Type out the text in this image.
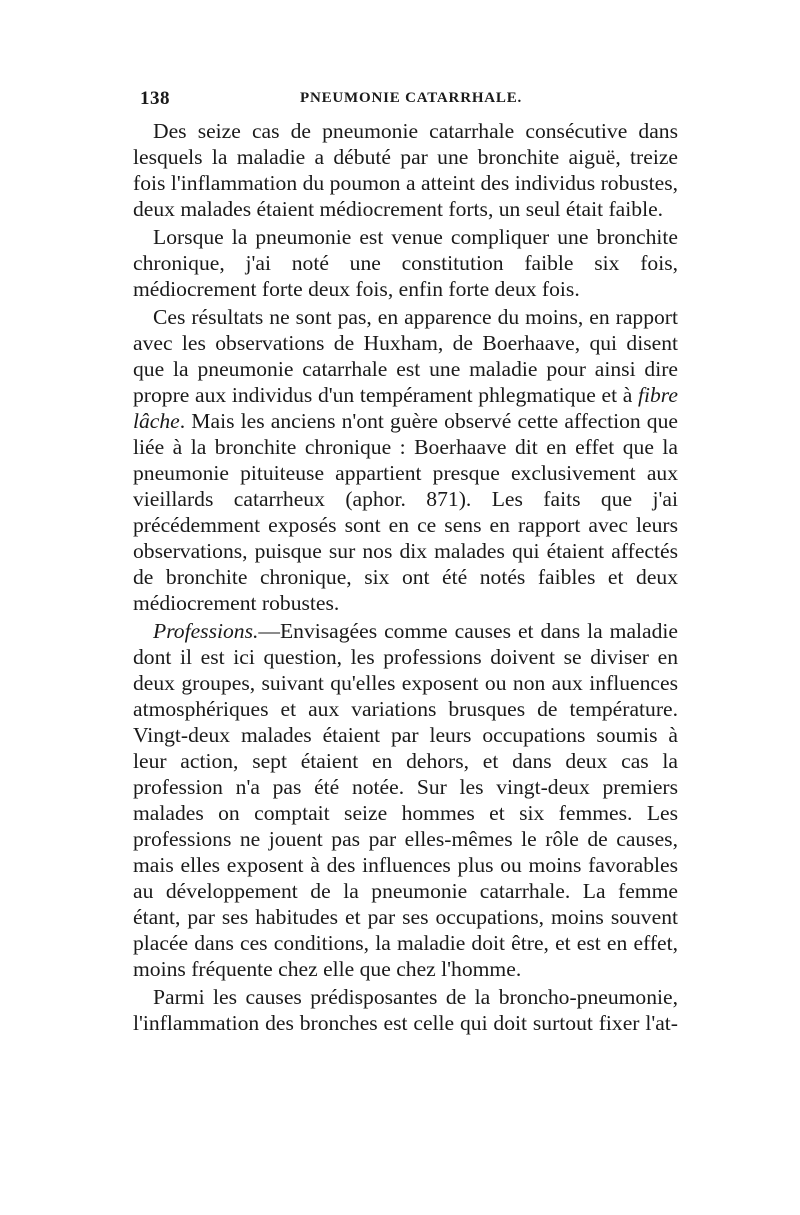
138	PNEUMONIE CATARRHALE.

Des seize cas de pneumonie catarrhale consécutive dans lesquels la maladie a débuté par une bronchite aiguë, treize fois l'inflammation du poumon a atteint des individus robustes, deux malades étaient médiocrement forts, un seul était faible.

Lorsque la pneumonie est venue compliquer une bronchite chronique, j'ai noté une constitution faible six fois, médiocrement forte deux fois, enfin forte deux fois.

Ces résultats ne sont pas, en apparence du moins, en rapport avec les observations de Huxham, de Boerhaave, qui disent que la pneumonie catarrhale est une maladie pour ainsi dire propre aux individus d'un tempérament phlegmatique et à fibre lâche. Mais les anciens n'ont guère observé cette affection que liée à la bronchite chronique : Boerhaave dit en effet que la pneumonie pituiteuse appartient presque exclusivement aux vieillards catarrheux (aphor. 871). Les faits que j'ai précédemment exposés sont en ce sens en rapport avec leurs observations, puisque sur nos dix malades qui étaient affectés de bronchite chronique, six ont été notés faibles et deux médiocrement robustes.

Professions.—Envisagées comme causes et dans la maladie dont il est ici question, les professions doivent se diviser en deux groupes, suivant qu'elles exposent ou non aux influences atmosphériques et aux variations brusques de température. Vingt-deux malades étaient par leurs occupations soumis à leur action, sept étaient en dehors, et dans deux cas la profession n'a pas été notée. Sur les vingt-deux premiers malades on comptait seize hommes et six femmes. Les professions ne jouent pas par elles-mêmes le rôle de causes, mais elles exposent à des influences plus ou moins favorables au développement de la pneumonie catarrhale. La femme étant, par ses habitudes et par ses occupations, moins souvent placée dans ces conditions, la maladie doit être, et est en effet, moins fréquente chez elle que chez l'homme.

Parmi les causes prédisposantes de la broncho-pneumonie, l'inflammation des bronches est celle qui doit surtout fixer l'at-
